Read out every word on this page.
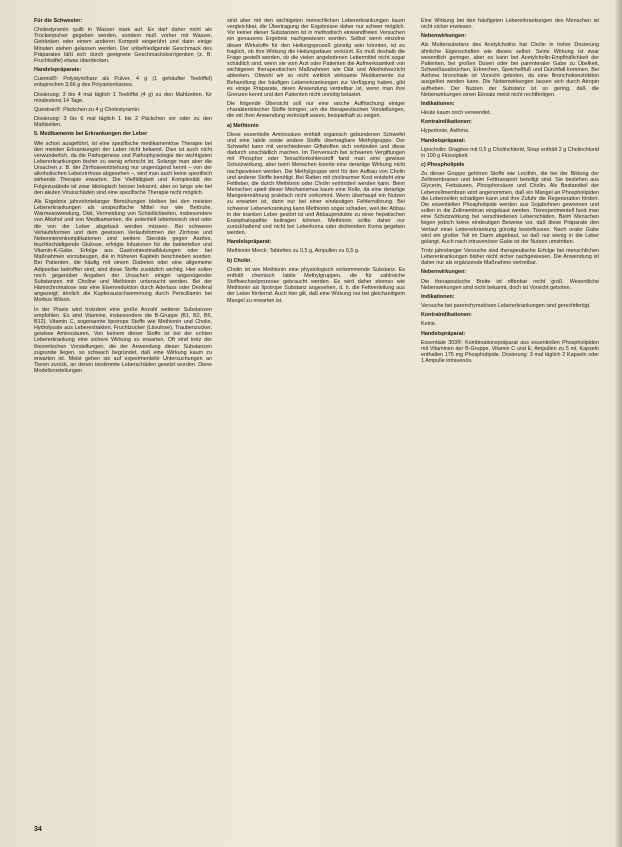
Für die Schwester:

Cholestyramin quillt in Wasser stark auf. Es darf daher nicht als Trockenpulver gegeben werden, sondern muß vorher mit Wasser, Getränken oder einem anderen Kompott eingerührt und dann einige Minuten stehen gelassen werden. Der unbefriedigende Geschmack des Präparates läßt sich durch geeignete Geschmackskorrigentien (z. B. Fruchtsäfte) etwas überdecken.

Handelspräparate:

Cuemid®: Polystyrolharz als Pulver, 4 g (1 gehäufter Teelöffel) entsprechen 3,66 g des Polyanionharzes.

Dosierung: 3 bis 4 mal täglich 1 Teelöffel (4 g) zu den Mahlzeiten, für mindestens 14 Tage.

Questran®: Päckchen zu 4 g Cholestyramin.

Dosierung: 3 bis 6 mal täglich 1 bis 2 Päckchen vor oder zu den Mahlzeiten.

5. Medikamente bei Erkrankungen der Leber

Wie schon ausgeführt, ist eine spezifische medikamentöse Therapie bei den meisten Erkrankungen der Leber nicht bekannt. Dies ist auch nicht verwunderlich, da die Pathogenese und Pathophysiologie der wichtigsten Lebererkrankungen bisher zu wenig erforscht ist. Solange man aber die Ursachen z. B. der Zirrhoseentstehung nur ungenügend kennt – von der alkoholischen Leberzirrhose abgesehen –, wird man auch keine spezifisch wirkende Therapie erwarten. Die Vielfältigkeit und Komplexität der Folgezustände ist zwar ätiologisch besser bekannt, aber so lange wie bei den akuten Virusschäden sind eine spezifische Therapie nicht möglich.

Als Ergebnis jahrzehntelanger Bemühungen bleiben bei den meisten Lebererkrankungen als unspezifische Mittel nur wie Bettruhe, Wärmeanwendung, Diät, Vermeidung von Schädlichkeiten, insbesondere von Alkohol und von Medikamenten, die potentiell lebertoxisch sind oder die von der Leber abgebaut werden müssen. Bei schweren Verlaufsformen und dem gewissen Verlaufsformen der Zirrhose und Nebennierenkomplikationen sind weitere Steroide gegen Aszites, feuchtschädigende Glukose, erfolgte Infusionen für die bakteriellen und Vitamin-K-Gabe. Erfolge aus Gastrointestinalblutungen oder bei Maßnahmen vorzubeugen, die in früheren Kapiteln beschrieben wurden. Bei Patienten, die häufig mit einem Diabetes oder eine allgemeine Adipositas betroffen sind, sind diese Stoffe zusätzlich wichtig. Hier sollen noch gegenüber Angaben der Ursachen einiger ungenügender Substanzen mit Choline und Methionin untersucht werden. Bei der Hämochromatose war eine Eisenreduktion durch Aderlass oder Desferal angezeigt; ähnlich die Kupferausschwemmung durch Penicillamin bei Morbus Wilson.

In der Praxis wird trotzdem eine große Anzahl weiterer Substanzen empfohlen. Es sind Vitamine, insbesondere die B-Gruppe (B1, B2, B6, B12), Vitamin C, sogenannte lipotrope Stoffe wie Methionin und Cholin, Hydrolysate aus Leberextrakten, Fruchtzucker (Lävulose), Traubenzucker, gewisse Aminosäuren. Von keinem dieser Stoffe ist bei der echten Lebererkrankung eine sichere Wirkung zu erwarten. Oft sind trotz der theoretischen Vorstellungen, die der Anwendung dieser Substanzen zugrunde liegen, so schwach begründet, daß eine Wirkung kaum zu erwarten ist. Meist gehen sie auf experimentelle Untersuchungen an Tieren zurück, an denen bestimmte Leberschäden gesetzt wurden. Diese Modellvorstellungen

sind aber mit den wichtigsten menschlichen Lebererkrankungen kaum vergleichbar, die Übertragung der Ergebnisse daher nur schwer möglich. Vor keiner dieser Substanzen ist in methodisch einwandfreien Versuchen ein genaueres Ergebnis nachgewiesen worden. Selbst wenn einzelne dieser Wirkstoffe für den Heilungsprozeß günstig sein könnten, ist es fraglich, ob ihre Wirkung die Heilungsdauer verkürzt. Es muß deshalb die Frage gestellt werden, ob die vielen angebotenen Lebermittel nicht sogar schädlich sind, wenn sie vom Arzt oder Patienten die Aufmerksamkeit von wichtigeren therapeutischen Maßnahmen wie Diät und Alkoholverzicht ablenken. Obwohl wir so nicht wirklich wirksame Medikamente zur Behandlung der häufigen Lebererkrankungen zur Verfügung haben, gibt es einige Präparate, deren Anwendung vertretbar ist, wenn man ihre Grenzen kennt und den Patienten nicht unnötig belastet.

Die folgende Übersicht soll nur eine rasche Auffrischung einiger charakteristischer Stoffe bringen, um die therapeutischen Vorstellungen, die mit ihrer Anwendung verknüpft waren, beispielhaft zu zeigen.

a) Methionin

Diese essentielle Aminosäure enthält organisch gebundenen Schwefel und eine labile sowie andere Stoffe übertragbare Methylgruppe. Der Schwefel kann mit verschiedenen Giftstoffen sich verbinden und diese dadurch unschädlich machen. Im Tierversuch bei schweren Vergiftungen mit Phosphor oder Tetrachlorkohlenstoff fand man eine gewisse Schutzwirkung, aber beim Menschen konnte eine derartige Wirkung nicht nachgewiesen werden. Die Methylgruppe wird für den Aufbau von Cholin und anderer Stoffe benötigt. Bei Ratten mit cholinarmer Kost entsteht eine Fettleber, die durch Methionin oder Cholin verhindert werden kann. Beim Menschen spielt dieser Mechanismus kaum eine Rolle, da eine derartige Mangelernährung praktisch nicht vorkommt. Wenn überhaupt ein Nutzen zu erwarten ist, dann nur bei einer eindeutigen Fehlernährung. Bei schwerer Lebererkrankung kann Methionin sogar schaden, weil der Abbau in der kranken Leber gestört ist und Abbauprodukte zu einer hepatischen Enzephalopathie beitragen können. Methionin sollte daher nur zurückhaltend und nicht bei Leberkoma oder drohendem Koma gegeben werden.

Handelspräparat:

Methionin Merck: Tabletten zu 0,5 g, Ampullen zu 0,5 g.

b) Cholin

Cholin ist wie Methionin eine physiologisch vorkommende Substanz. Es enthält chemisch labile Methylgruppen, die für zahlreiche Stoffwechselprozesse gebraucht werden. Es wird daher ebenso wie Methionin als lipotrope Substanz angesehen, d. h. die Fettverteilung aus der Leber fördernd. Auch hier gilt, daß eine Wirkung nur bei gleichzeitigem Mangel zu erwarten ist.

Eine Wirkung bei den häufigsten Lebererkrankungen des Menschen ist nicht sicher erwiesen.

Nebenwirkungen:

Als Muttersubstanz des Acetylcholins hat Cholin in hoher Dosierung ähnliche Eigenschaften wie dieses selbst. Seine Wirkung ist zwar wesentlich geringer, aber es kann bei Acetylcholin-Empfindlichkeit der Patienten, bei großen Dosen oder bei parenteraler Gabe zu Übelkeit, Schweißausbrüchen, Erbrechen, Speichelfluß und Durchfall kommen. Bei Asthma bronchiale ist Vorsicht geboten, da eine Bronchokonstriktion ausgelöst werden kann. Die Nebenwirkungen lassen sich durch Atropin aufheben. Der Nutzen der Substanz ist so gering, daß die Nebenwirkungen einen Einsatz meist nicht rechtfertigen.

Indikationen:

Heute kaum noch verwendet.

Kontraindikationen:

Hypertonie, Asthma.

Handelspräparat:

Lipocholin: Dragées mit 0,5 g Cholinchlorid, Sirup enthält 2 g Cholinchlorid in 100 g Flüssigkeit.

c) Phospholipide

Zu dieser Gruppe gehören Stoffe wie Lecithin, die bei der Bildung der Zellmembranen und beim Fetttransport beteiligt sind. Sie bestehen aus Glycerin, Fettsäuren, Phosphorsäure und Cholin. Als Bestandteil der Leberzellmembran wird angenommen, daß ein Mangel an Phospholipiden die Leberzellen schädigen kann und ihre Zufuhr die Regeneration fördert. Die essentiellen Phospholipide werden aus Sojabohnen gewonnen und sollen in die Zellmembran eingebaut werden. Tierexperimentell fand man eine Schutzwirkung bei verschiedenen Leberschäden. Beim Menschen liegen jedoch keine eindeutigen Beweise vor, daß diese Präparate den Verlauf einer Lebererkrankung günstig beeinflussen. Nach oraler Gabe wird ein großer Teil im Darm abgebaut, so daß nur wenig in die Leber gelangt. Auch nach intravenöser Gabe ist der Nutzen umstritten.

Trotz jahrelanger Versuche sind therapeutische Erfolge bei menschlichen Lebererkrankungen bisher nicht sicher nachgewiesen. Die Anwendung ist daher nur als ergänzende Maßnahme vertretbar.

Nebenwirkungen:

Die therapeutische Breite ist offenbar recht groß. Wesentliche Nebenwirkungen sind nicht bekannt, doch ist Vorsicht geboten.

Indikationen:

Versuche bei parenchymatösen Lebererkrankungen sind gerechtfertigt.

Kontraindikationen:

Keine.

Handelspräparat:

Essentiale 303®: Kombinationspräparat aus essentiellen Phospholipiden mit Vitaminen der B-Gruppe, Vitamin C und E; Ampullen zu 5 ml, Kapseln enthalten 175 mg Phospholipide. Dosierung: 3 mal täglich 2 Kapseln oder 1 Ampulle intravenös.

34
